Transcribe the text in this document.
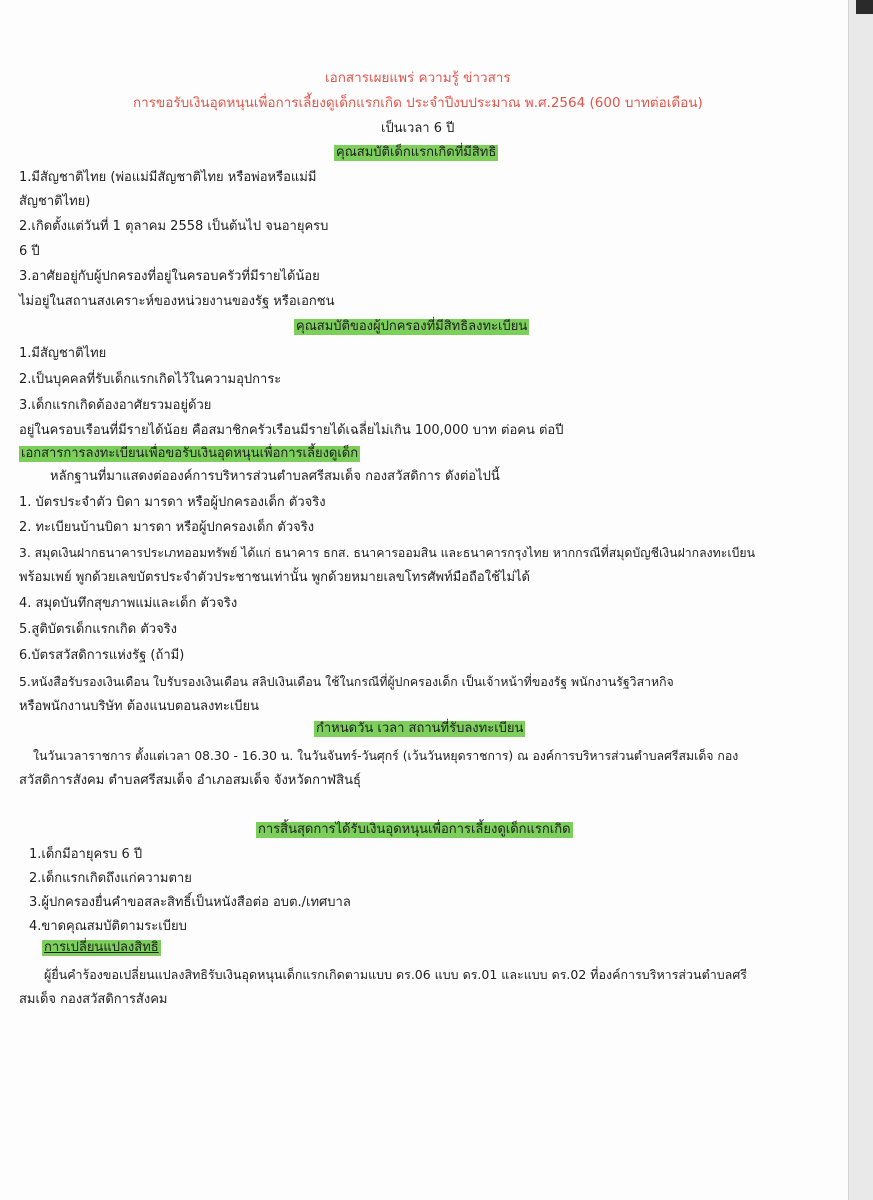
เอกสารเผยแพร่ ความรู้ ข่าวสาร
การขอรับเงินอุดหนุนเพื่อการเลี้ยงดูเด็กแรกเกิด ประจำปีงบประมาณ พ.ศ.2564 (600 บาทต่อเดือน)
เป็นเวลา 6 ปี
คุณสมบัติเด็กแรกเกิดที่มีสิทธิ
1.มีสัญชาติไทย (พ่อแม่มีสัญชาติไทย หรือพ่อหรือแม่มี
สัญชาติไทย)
2.เกิดตั้งแต่วันที่ 1 ตุลาคม 2558 เป็นต้นไป จนอายุครบ
6 ปี
3.อาศัยอยู่กับผู้ปกครองที่อยู่ในครอบครัวที่มีรายได้น้อย
ไม่อยู่ในสถานสงเคราะห์ของหน่วยงานของรัฐ หรือเอกชน
คุณสมบัติของผู้ปกครองที่มีสิทธิลงทะเบียน
1.มีสัญชาติไทย
2.เป็นบุคคลที่รับเด็กแรกเกิดไว้ในความอุปการะ
3.เด็กแรกเกิดต้องอาศัยรวมอยู่ด้วย
อยู่ในครอบเรือนที่มีรายได้น้อย คือสมาชิกครัวเรือนมีรายได้เฉลี่ยไม่เกิน 100,000 บาท ต่อคน ต่อปี
เอกสารการลงทะเบียนเพื่อขอรับเงินอุดหนุนเพื่อการเลี้ยงดูเด็ก
หลักฐานที่มาแสดงต่อองค์การบริหารส่วนตำบลศรีสมเด็จ กองสวัสดิการ ดังต่อไปนี้
1. บัตรประจำตัว บิดา มารดา หรือผู้ปกครองเด็ก ตัวจริง
2. ทะเบียนบ้านบิดา มารดา หรือผู้ปกครองเด็ก ตัวจริง
3. สมุดเงินฝากธนาคารประเภทออมทรัพย์ ได้แก่ ธนาคาร ธกส. ธนาคารออมสิน และธนาคารกรุงไทย หากกรณีที่สมุดบัญชีเงินฝากลงทะเบียน
พร้อมเพย์ พูกด้วยเลขบัตรประจำตัวประชาชนเท่านั้น พูกด้วยหมายเลขโทรศัพท์มือถือใช้ไม่ได้
4. สมุดบันทึกสุขภาพแม่และเด็ก ตัวจริง
5.สูติบัตรเด็กแรกเกิด ตัวจริง
6.บัตรสวัสดิการแห่งรัฐ (ถ้ามี)
5.หนังสือรับรองเงินเดือน ใบรับรองเงินเดือน สลิปเงินเดือน ใช้ในกรณีที่ผู้ปกครองเด็ก เป็นเจ้าหน้าที่ของรัฐ พนักงานรัฐวิสาหกิจ
หรือพนักงานบริษัท ต้องแนบตอนลงทะเบียน
กำหนดวัน เวลา สถานที่รับลงทะเบียน
ในวันเวลาราชการ ตั้งแต่เวลา 08.30 - 16.30 น. ในวันจันทร์-วันศุกร์ (เว้นวันหยุดราชการ) ณ องค์การบริหารส่วนตำบลศรีสมเด็จ กอง
สวัสดิการสังคม ตำบลศรีสมเด็จ อำเภอสมเด็จ จังหวัดกาฬสินธุ์
การสิ้นสุดการได้รับเงินอุดหนุนเพื่อการเลี้ยงดูเด็กแรกเกิด
1.เด็กมีอายุครบ 6 ปี
2.เด็กแรกเกิดถึงแก่ความตาย
3.ผู้ปกครองยื่นคำขอสละสิทธิ์เป็นหนังสือต่อ อบต./เทศบาล
4.ขาดคุณสมบัติตามระเบียบ
การเปลี่ยนแปลงสิทธิ
ผู้ยื่นคำร้องขอเปลี่ยนแปลงสิทธิรับเงินอุดหนุนเด็กแรกเกิดตามแบบ ดร.06 แบบ ดร.01 และแบบ ดร.02 ที่องค์การบริหารส่วนตำบลศรี
สมเด็จ กองสวัสดิการสังคม
